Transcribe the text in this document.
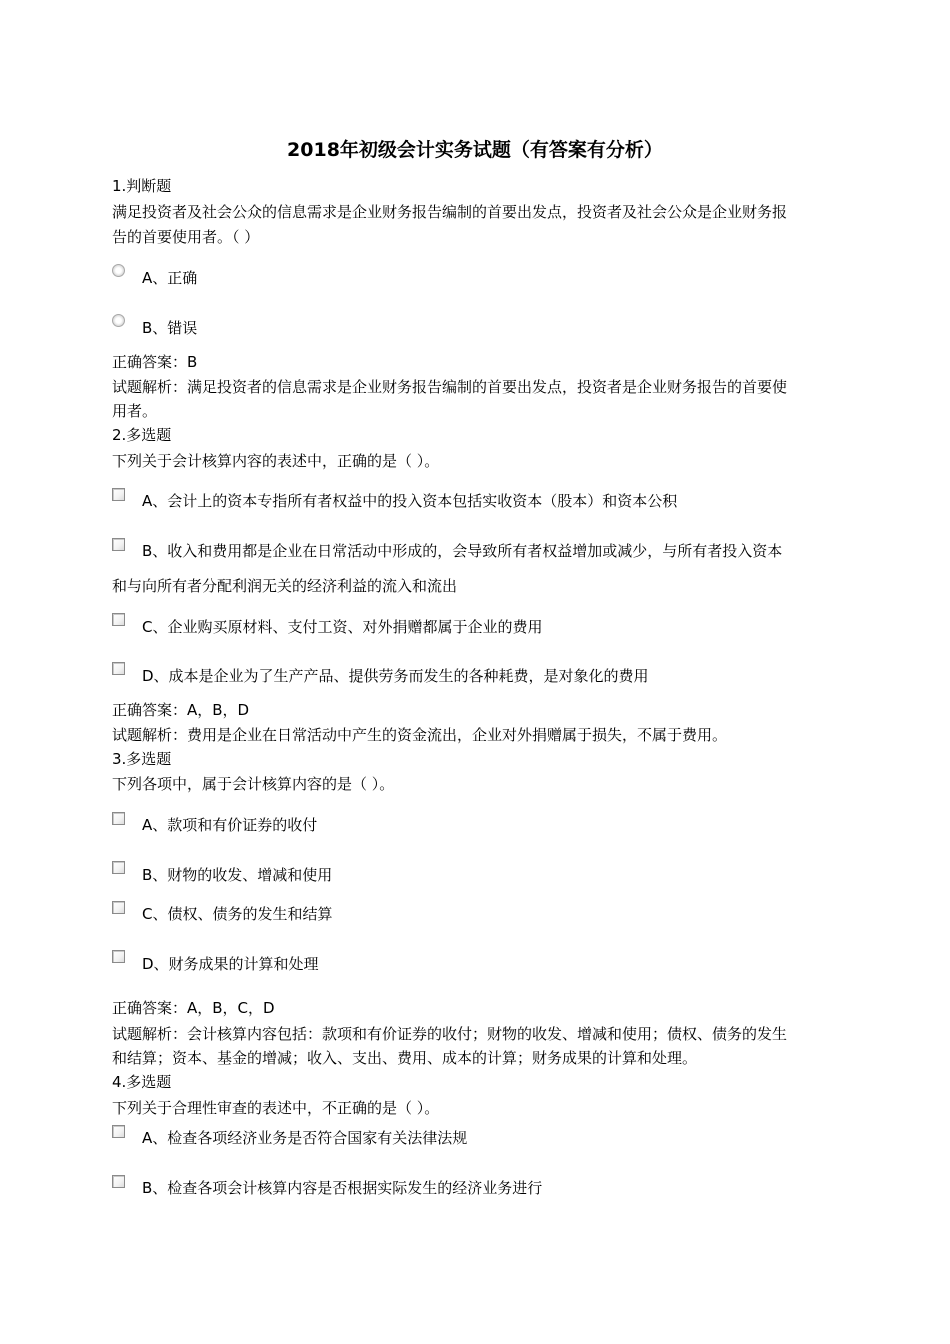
2018年初级会计实务试题（有答案有分析）
1.判断题
满足投资者及社会公众的信息需求是企业财务报告编制的首要出发点，投资者及社会公众是企业财务报
告的首要使用者。（ ）
A、正确
B、错误
正确答案：B
试题解析：满足投资者的信息需求是企业财务报告编制的首要出发点，投资者是企业财务报告的首要使
用者。
2.多选题
下列关于会计核算内容的表述中，正确的是（ ）。
A、会计上的资本专指所有者权益中的投入资本包括实收资本（股本）和资本公积
B、收入和费用都是企业在日常活动中形成的，会导致所有者权益增加或减少，与所有者投入资本
和与向所有者分配利润无关的经济利益的流入和流出
C、企业购买原材料、支付工资、对外捐赠都属于企业的费用
D、成本是企业为了生产产品、提供劳务而发生的各种耗费，是对象化的费用
正确答案：A，B，D
试题解析：费用是企业在日常活动中产生的资金流出，企业对外捐赠属于损失，不属于费用。
3.多选题
下列各项中，属于会计核算内容的是（ ）。
A、款项和有价证券的收付
B、财物的收发、增减和使用
C、债权、债务的发生和结算
D、财务成果的计算和处理
正确答案：A，B，C，D
试题解析：会计核算内容包括：款项和有价证券的收付；财物的收发、增减和使用；债权、债务的发生
和结算；资本、基金的增减；收入、支出、费用、成本的计算；财务成果的计算和处理。
4.多选题
下列关于合理性审查的表述中，不正确的是（ ）。
A、检查各项经济业务是否符合国家有关法律法规
B、检查各项会计核算内容是否根据实际发生的经济业务进行
